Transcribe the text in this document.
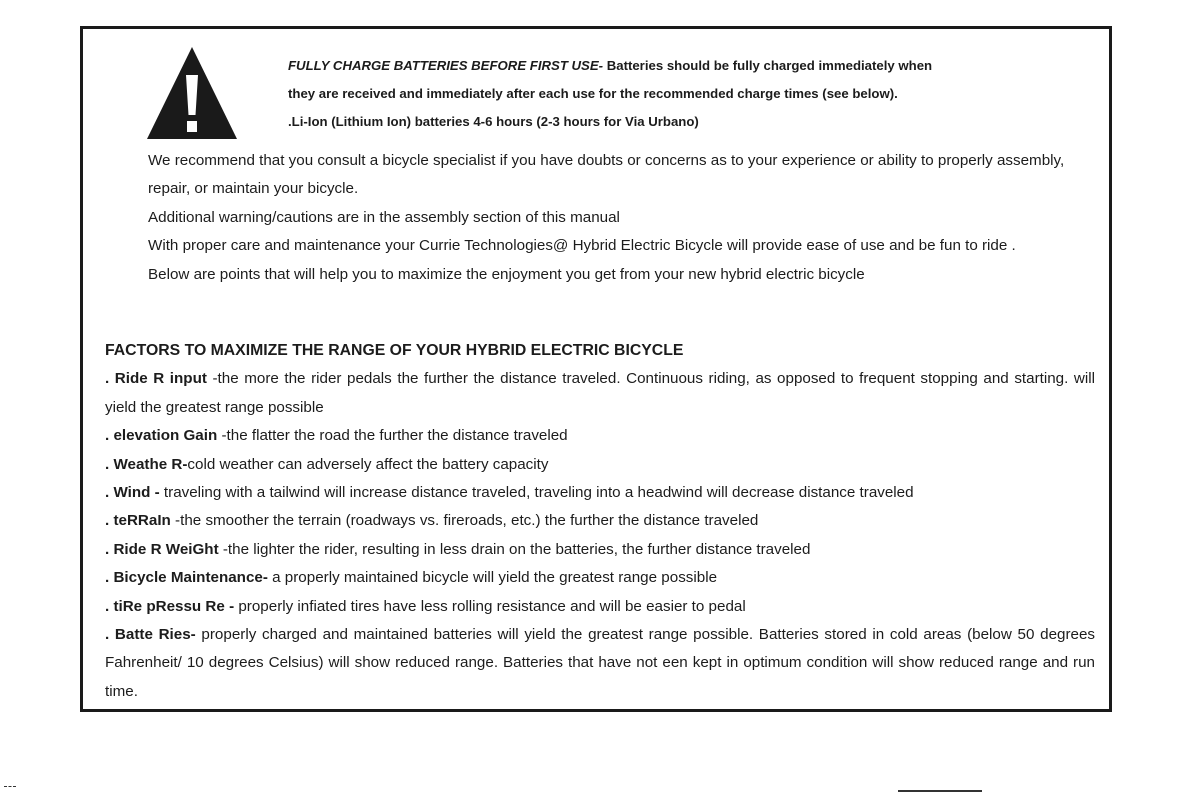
FULLY CHARGE BATTERIES BEFORE FIRST USE- Batteries should be fully charged immediately when
they are received and immediately after each use for the recommended charge times (see below).
.Li-Ion (Lithium Ion) batteries 4-6 hours (2-3 hours for Via Urbano)

We recommend that you consult a bicycle specialist if you have doubts or concerns as to your experience or ability to properly assembly, repair, or maintain your bicycle.

Additional warning/cautions are in the assembly section of this manual

With proper care and maintenance your Currie Technologies@ Hybrid Electric Bicycle will provide ease of use and be fun to ride .

Below are points that will help you to maximize the enjoyment you get from your new hybrid electric bicycle

FACTORS TO MAXIMIZE THE RANGE OF YOUR HYBRID ELECTRIC BICYCLE

. Ride R input -the more the rider pedals the further the distance traveled. Continuous riding, as opposed to frequent stopping and starting. will yield the greatest range possible

. elevation Gain -the flatter the road the further the distance traveled

. Weathe R-cold weather can adversely affect the battery capacity

. Wind - traveling with a tailwind will increase distance traveled, traveling into a headwind will decrease distance traveled

. teRRaIn -the smoother the terrain (roadways vs. fireroads, etc.) the further the distance traveled

. Ride R WeiGht -the lighter the rider, resulting in less drain on the batteries, the further distance traveled

. Bicycle Maintenance- a properly maintained bicycle will yield the greatest range possible

. tiRe pRessu Re - properly infiated tires have less rolling resistance and will be easier to pedal

. Batte Ries- properly charged and maintained batteries will yield the greatest range possible. Batteries stored in cold areas (below 50 degrees Fahrenheit/ 10 degrees Celsius) will show reduced range. Batteries that have not een kept in optimum condition will show reduced range and run time.
